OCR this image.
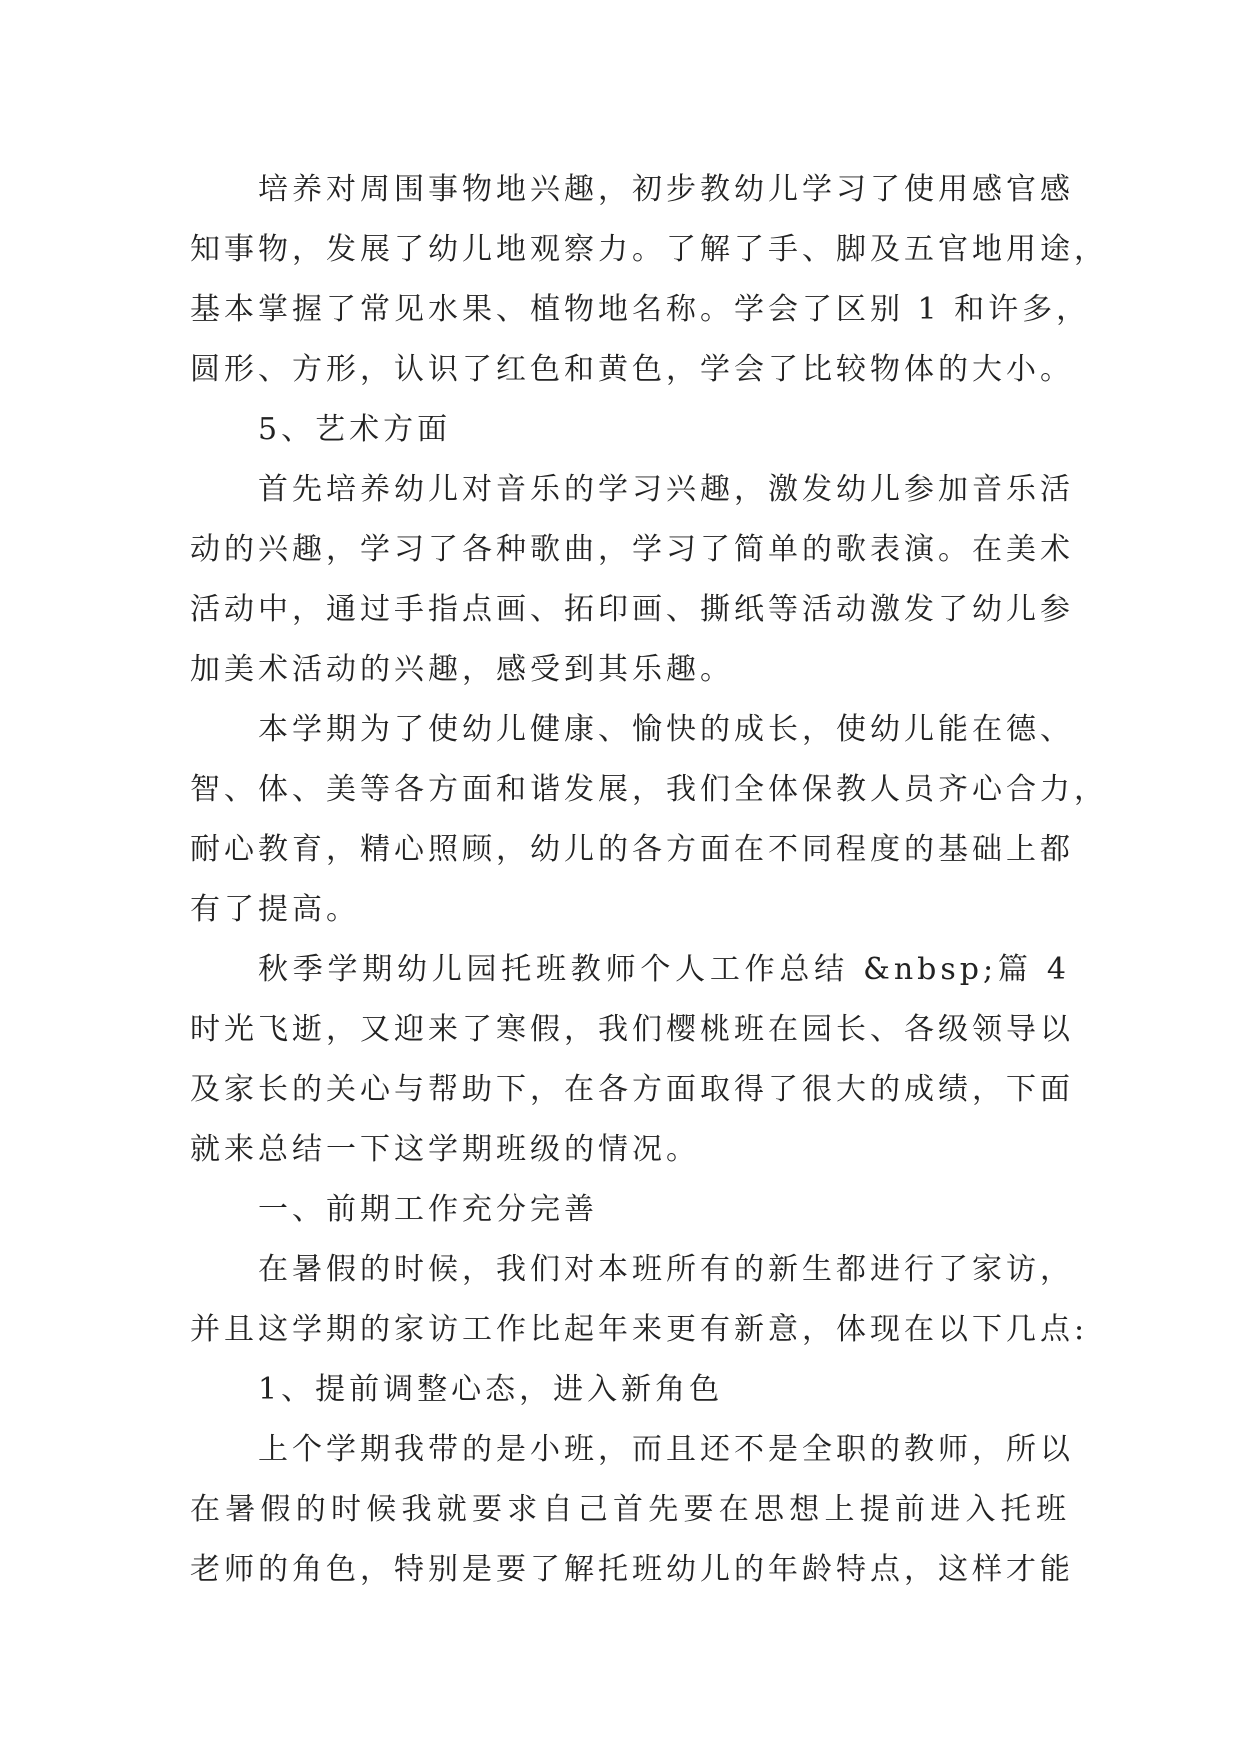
培养对周围事物地兴趣，初步教幼儿学习了使用感官感
知事物，发展了幼儿地观察力。了解了手、脚及五官地用途，
基本掌握了常见水果、植物地名称。学会了区别 1 和许多，
圆形、方形，认识了红色和黄色，学会了比较物体的大小。
5、艺术方面
首先培养幼儿对音乐的学习兴趣，激发幼儿参加音乐活
动的兴趣，学习了各种歌曲，学习了简单的歌表演。在美术
活动中，通过手指点画、拓印画、撕纸等活动激发了幼儿参
加美术活动的兴趣，感受到其乐趣。
本学期为了使幼儿健康、愉快的成长，使幼儿能在德、
智、体、美等各方面和谐发展，我们全体保教人员齐心合力，
耐心教育，精心照顾，幼儿的各方面在不同程度的基础上都
有了提高。
秋季学期幼儿园托班教师个人工作总结 &nbsp;篇 4
时光飞逝，又迎来了寒假，我们樱桃班在园长、各级领导以
及家长的关心与帮助下，在各方面取得了很大的成绩，下面
就来总结一下这学期班级的情况。
一、前期工作充分完善
在暑假的时候，我们对本班所有的新生都进行了家访，
并且这学期的家访工作比起年来更有新意，体现在以下几点:
1、提前调整心态，进入新角色
上个学期我带的是小班，而且还不是全职的教师，所以
在暑假的时候我就要求自己首先要在思想上提前进入托班
老师的角色，特别是要了解托班幼儿的年龄特点，这样才能
